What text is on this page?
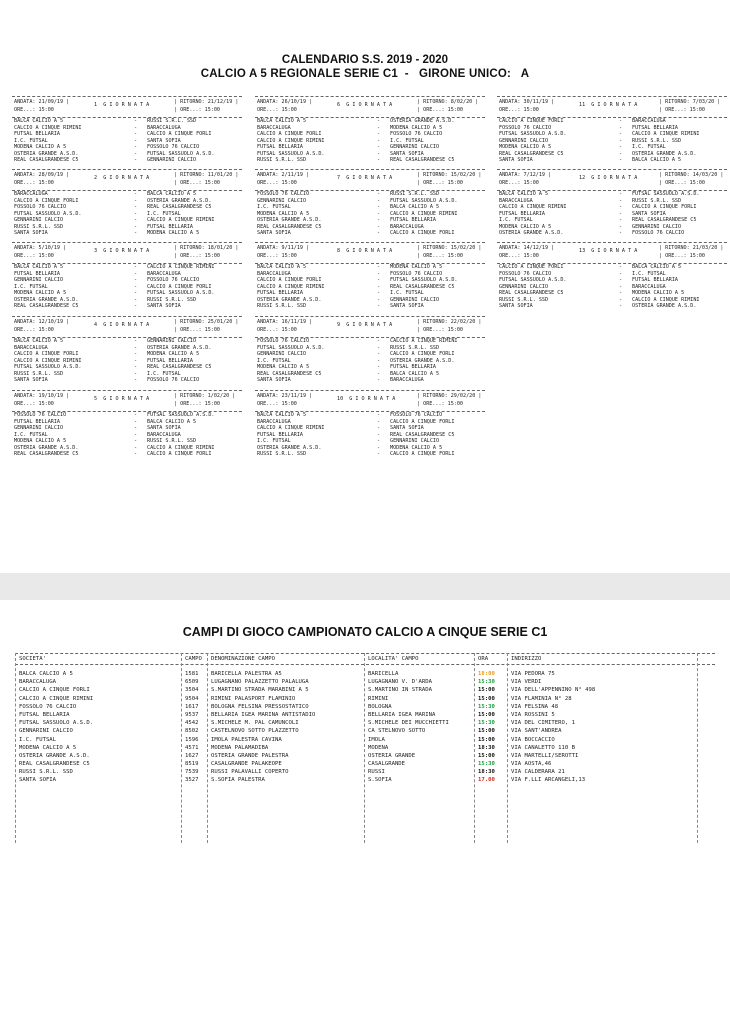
CALENDARIO S.S. 2019 - 2020
CALCIO A 5 REGIONALE SERIE C1  -   GIRONE UNICO:   A
ANDATA: 21/09/19 |	1  G I O R N A T A	| RITORNO: 21/12/19 |
ORE...: 15:00	| ORE...: 15:00
BALCA CALCIO A 5	- RUSSI S.R.L. SSD
CALCIO A CINQUE RIMINI	- BARACCALUGA
FUTSAL BELLARIA	- CALCIO A CINQUE FORLI
I.C. FUTSAL	- SANTA SOFIA
MODENA CALCIO A 5	- FOSSOLO 76 CALCIO
OSTERIA GRANDE A.S.D.	- FUTSAL SASSUOLO A.S.D.
REAL CASALGRANDESE C5	- GENNARINI CALCIO
ANDATA: 28/09/19 |	2  G I O R N A T A	| RITORNO: 11/01/20 |
ORE...: 15:00	| ORE...: 15:00
BARACCALUGA	- BALCA CALCIO A 5
CALCIO A CINQUE FORLI	- OSTERIA GRANDE A.S.D.
FOSSOLO 76 CALCIO	- REAL CASALGRANDESE C5
FUTSAL SASSUOLO A.S.D.	- I.C. FUTSAL
GENNARINI CALCIO	- CALCIO A CINQUE RIMINI
RUSSI S.R.L. SSD	- FUTSAL BELLARIA
SANTA SOFIA	- MODENA CALCIO A 5
ANDATA: 5/10/19 |	3  G I O R N A T A	| RITORNO: 18/01/20 |
ORE...: 15:00	| ORE...: 15:00
BALCA CALCIO A 5	- CALCIO A CINQUE RIMINI
FUTSAL BELLARIA	- BARACCALUGA
GENNARINI CALCIO	- FOSSOLO 76 CALCIO
I.C. FUTSAL	- CALCIO A CINQUE FORLI
MODENA CALCIO A 5	- FUTSAL SASSUOLO A.S.D.
OSTERIA GRANDE A.S.D.	- RUSSI S.R.L. SSD
REAL CASALGRANDESE C5	- SANTA SOFIA
ANDATA: 12/10/19 |	4  G I O R N A T A	| RITORNO: 25/01/20 |
ORE...: 15:00	| ORE...: 15:00
BALCA CALCIO A 5	- GENNARINI CALCIO
BARACCALUGA	- OSTERIA GRANDE A.S.D.
CALCIO A CINQUE FORLI	- MODENA CALCIO A 5
CALCIO A CINQUE RIMINI	- FUTSAL BELLARIA
FUTSAL SASSUOLO A.S.D.	- REAL CASALGRANDESE C5
RUSSI S.R.L. SSD	- I.C. FUTSAL
SANTA SOFIA	- FOSSOLO 76 CALCIO
ANDATA: 19/10/19 |	5  G I O R N A T A	| RITORNO: 1/02/20 |
ORE...: 15:00	| ORE...: 15:00
FOSSOLO 76 CALCIO	- FUTSAL SASSUOLO A.S.D.
FUTSAL BELLARIA	- BALCA CALCIO A 5
GENNARINI CALCIO	- SANTA SOFIA
I.C. FUTSAL	- BARACCALUGA
MODENA CALCIO A 5	- RUSSI S.R.L. SSD
OSTERIA GRANDE A.S.D.	- CALCIO A CINQUE RIMINI
REAL CASALGRANDESE C5	- CALCIO A CINQUE FORLI
ANDATA: 26/10/19 |	6  G I O R N A T A	| RITORNO: 8/02/20 |
ORE...: 15:00	| ORE...: 15:00
BALCA CALCIO A 5	- OSTERIA GRANDE A.S.D.
BARACCALUGA	- MODENA CALCIO A 5
CALCIO A CINQUE FORLI	- FOSSOLO 76 CALCIO
CALCIO A CINQUE RIMINI	- I.C. FUTSAL
FUTSAL BELLARIA	- GENNARINI CALCIO
FUTSAL SASSUOLO A.S.D.	- SANTA SOFIA
RUSSI S.R.L. SSD	- REAL CASALGRANDESE C5
ANDATA: 2/11/19 |	7  G I O R N A T A	| RITORNO: 15/02/20 |
ORE...: 15:00	| ORE...: 15:00
FOSSOLO 76 CALCIO	- RUSSI S.R.L. SSD
GENNARINI CALCIO	- FUTSAL SASSUOLO A.S.D.
I.C. FUTSAL	- BALCA CALCIO A 5
MODENA CALCIO A 5	- CALCIO A CINQUE RIMINI
OSTERIA GRANDE A.S.D.	- FUTSAL BELLARIA
REAL CASALGRANDESE C5	- BARACCALUGA
SANTA SOFIA	- CALCIO A CINQUE FORLI
ANDATA: 9/11/19 |	8  G I O R N A T A	| RITORNO: 15/02/20 |
ORE...: 15:00	| ORE...: 15:00
BALCA CALCIO A 5	- MODENA CALCIO A 5
BARACCALUGA	- FOSSOLO 76 CALCIO
CALCIO A CINQUE FORLI	- FUTSAL SASSUOLO A.S.D.
CALCIO A CINQUE RIMINI	- REAL CASALGRANDESE C5
FUTSAL BELLARIA	- I.C. FUTSAL
OSTERIA GRANDE A.S.D.	- GENNARINI CALCIO
RUSSI S.R.L. SSD	- SANTA SOFIA
ANDATA: 16/11/19 |	9  G I O R N A T A	| RITORNO: 22/02/20 |
ORE...: 15:00	| ORE...: 15:00
FOSSOLO 76 CALCIO	- CALCIO A CINQUE RIMINI
FUTSAL SASSUOLO A.S.D.	- RUSSI S.R.L. SSD
GENNARINI CALCIO	- CALCIO A CINQUE FORLI
I.C. FUTSAL	- OSTERIA GRANDE A.S.D.
MODENA CALCIO A 5	- FUTSAL BELLARIA
REAL CASALGRANDESE C5	- BALCA CALCIO A 5
SANTA SOFIA	- BARACCALUGA
ANDATA: 23/11/19 |	10  G I O R N A T A	| RITORNO: 29/02/20 |
ORE...: 15:00	| ORE...: 15:00
BALCA CALCIO A 5	- FOSSOLO 76 CALCIO
BARACCALUGA	- CALCIO A CINQUE FORLI
CALCIO A CINQUE RIMINI	- SANTA SOFIA
FUTSAL BELLARIA	- REAL CASALGRANDESE C5
I.C. FUTSAL	- GENNARINI CALCIO
OSTERIA GRANDE A.S.D.	- MODENA CALCIO A 5
RUSSI S.R.L. SSD	- CALCIO A CINQUE FORLI
ANDATA: 30/11/19 |	11  G I O R N A T A	| RITORNO: 7/03/20 |
ORE...: 15:00	| ORE...: 15:00
CALCIO A CINQUE FORLI	- BARACCALUGA
FOSSOLO 76 CALCIO	- FUTSAL BELLARIA
FUTSAL SASSUOLO A.S.D.	- CALCIO A CINQUE RIMINI
GENNARINI CALCIO	- RUSSI S.R.L. SSD
MODENA CALCIO A 5	- I.C. FUTSAL
REAL CASALGRANDESE C5	- OSTERIA GRANDE A.S.D.
SANTA SOFIA	- BALCA CALCIO A 5
ANDATA: 7/12/19 |	12  G I O R N A T A	| RITORNO: 14/03/20 |
ORE...: 15:00	| ORE...: 15:00
BALCA CALCIO A 5	- FUTSAL SASSUOLO A.S.D.
BARACCALUGA	- RUSSI S.R.L. SSD
CALCIO A CINQUE RIMINI	- CALCIO A CINQUE FORLI
FUTSAL BELLARIA	- SANTA SOFIA
I.C. FUTSAL	- REAL CASALGRANDESE C5
MODENA CALCIO A 5	- GENNARINI CALCIO
OSTERIA GRANDE A.S.D.	- FOSSOLO 76 CALCIO
ANDATA: 14/12/19 |	13  G I O R N A T A	| RITORNO: 21/03/20 |
ORE...: 15:00	| ORE...: 15:00
CALCIO A CINQUE FORLI	- BALCA CALCIO A 5
FOSSOLO 76 CALCIO	- I.C. FUTSAL
FUTSAL SASSUOLO A.S.D.	- FUTSAL BELLARIA
GENNARINI CALCIO	- BARACCALUGA
REAL CASALGRANDESE C5	- MODENA CALCIO A 5
RUSSI S.R.L. SSD	- CALCIO A CINQUE RIMINI
SANTA SOFIA	- OSTERIA GRANDE A.S.D.
CAMPI DI GIOCO CAMPIONATO CALCIO A CINQUE SERIE C1

SOCIETA'

	CAMPO

DENOMINAZIONE CAMPO

	LOCALITA' CAMPO

	ORA

	INDIRIZZO

BALCA CALCIO A 5	1581 BARICELLA PALESTRA A5	BARICELLA	18:00	VIA PEDORA 75
BARACCALUGA	6509 LUGAGNANO PALAZZETTO PALALUGA	LUGAGNANO V. D'ARDA	15:30	VIA VERDI
CALCIO A CINQUE FORLI	3504 S.MARTINO STRADA MARABINI A 5	S.MARTINO IN STRADA	15:00	VIA DELL'APPENNINO N° 498
CALCIO A CINQUE RIMINI	9504 RIMINI PALASPORT FLAMINIO	RIMINI	15:00	VIA FLAMINIA N° 28
FOSSOLO 76 CALCIO	1617 BOLOGNA FELSINA PRESSOSTATICO	BOLOGNA	15:30	VIA FELSINA 48
FUTSAL BELLARIA	9537 BELLARIA IGEA MARINA ANTISTADIO	BELLARIA IGEA MARINA	15:00	VIA ROSSINI 5
FUTSAL SASSUOLO A.S.D.	4542 S.MICHELE M. PAL CAMUNCOLI	S.MICHELE DEI MUCCHIETTI	15:30	VIA DEL CIMITERO, 1
GENNARINI CALCIO	8502 CASTELNOVO SOTTO PLAZZETTO	CA STELNOVO SOTTO	15:00	VIA SANT'ANDREA
I.C. FUTSAL	1596 IMOLA PALESTRA CAVINA	IMOLA	15:00	VIA BOCCACCIO
MODENA CALCIO A 5	4571 MODENA PALAMADIBA	MODENA	18:30	VIA CANALETTO 110 B
OSTERIA GRANDE A.S.D.	1627 OSTERIA GRANDE PALESTRA	OSTERIA GRANDE	15:00	VIA MARTELLI/SEROTTI
REAL CASALGRANDESE C5	8519 CASALGRANDE PALAKEOPE	CASALGRANDE	15:30	VIA AOSTA,46
RUSSI S.R.L. SSD	7539 RUSSI PALAVALLI COPERTO	RUSSI	18:30	VIA CALDERARA 21
SANTA SOFIA	3527 S.SOFIA PALESTRA	S.SOFIA	17.00	VIA F.LLI ARCANGELI,13
